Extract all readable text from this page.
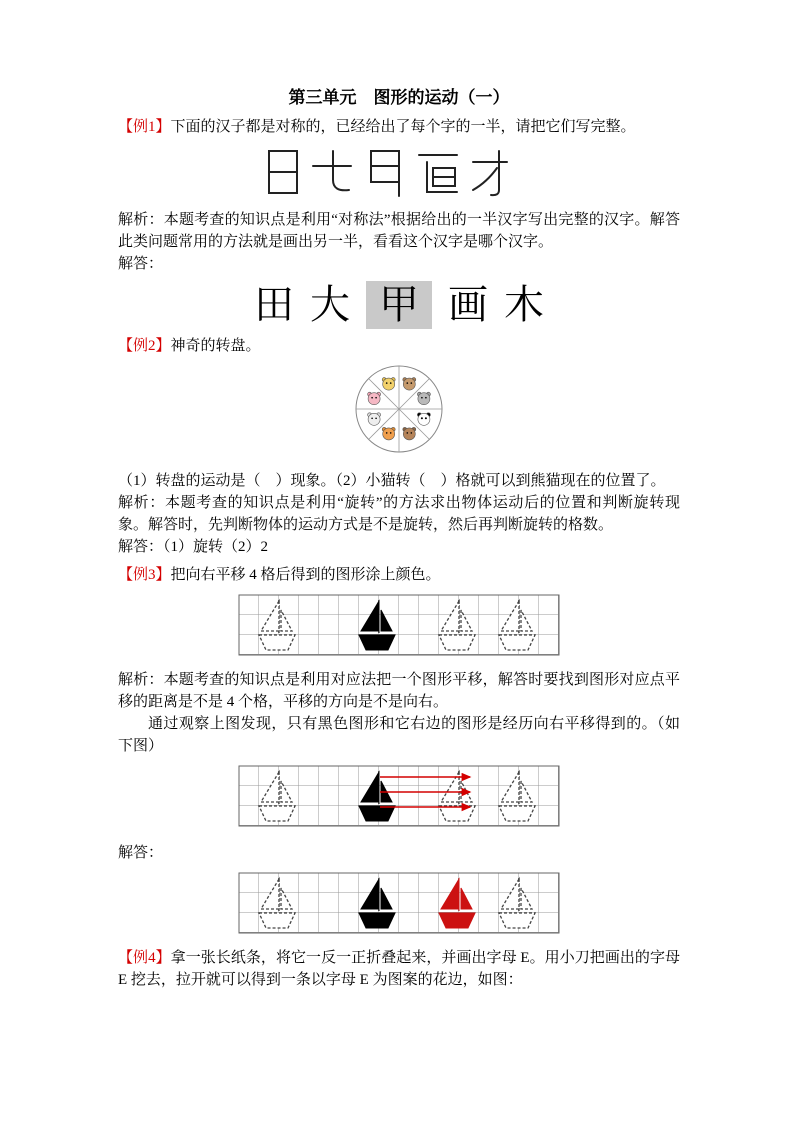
第三单元　图形的运动（一）

【例1】下面的汉子都是对称的，已经给出了每个字的一半，请把它们写完整。

解析：本题考查的知识点是利用“对称法”根据给出的一半汉字写出完整的汉字。解答此类问题常用的方法就是画出另一半，看看这个汉字是哪个汉字。

解答：

田 大 甲 画 木

【例2】神奇的转盘。

（1）转盘的运动是（　）现象。（2）小猫转（　）格就可以到熊猫现在的位置了。

解析：本题考查的知识点是利用“旋转”的方法求出物体运动后的位置和判断旋转现象。解答时，先判断物体的运动方式是不是旋转，然后再判断旋转的格数。

解答：（1）旋转（2）2

【例3】把向右平移 4 格后得到的图形涂上颜色。

解析：本题考查的知识点是利用对应法把一个图形平移，解答时要找到图形对应点平移的距离是不是 4 个格，平移的方向是不是向右。

通过观察上图发现，只有黑色图形和它右边的图形是经历向右平移得到的。（如下图）

解答：

【例4】拿一张长纸条，将它一反一正折叠起来，并画出字母 E。用小刀把画出的字母 E 挖去，拉开就可以得到一条以字母 E 为图案的花边，如图：
